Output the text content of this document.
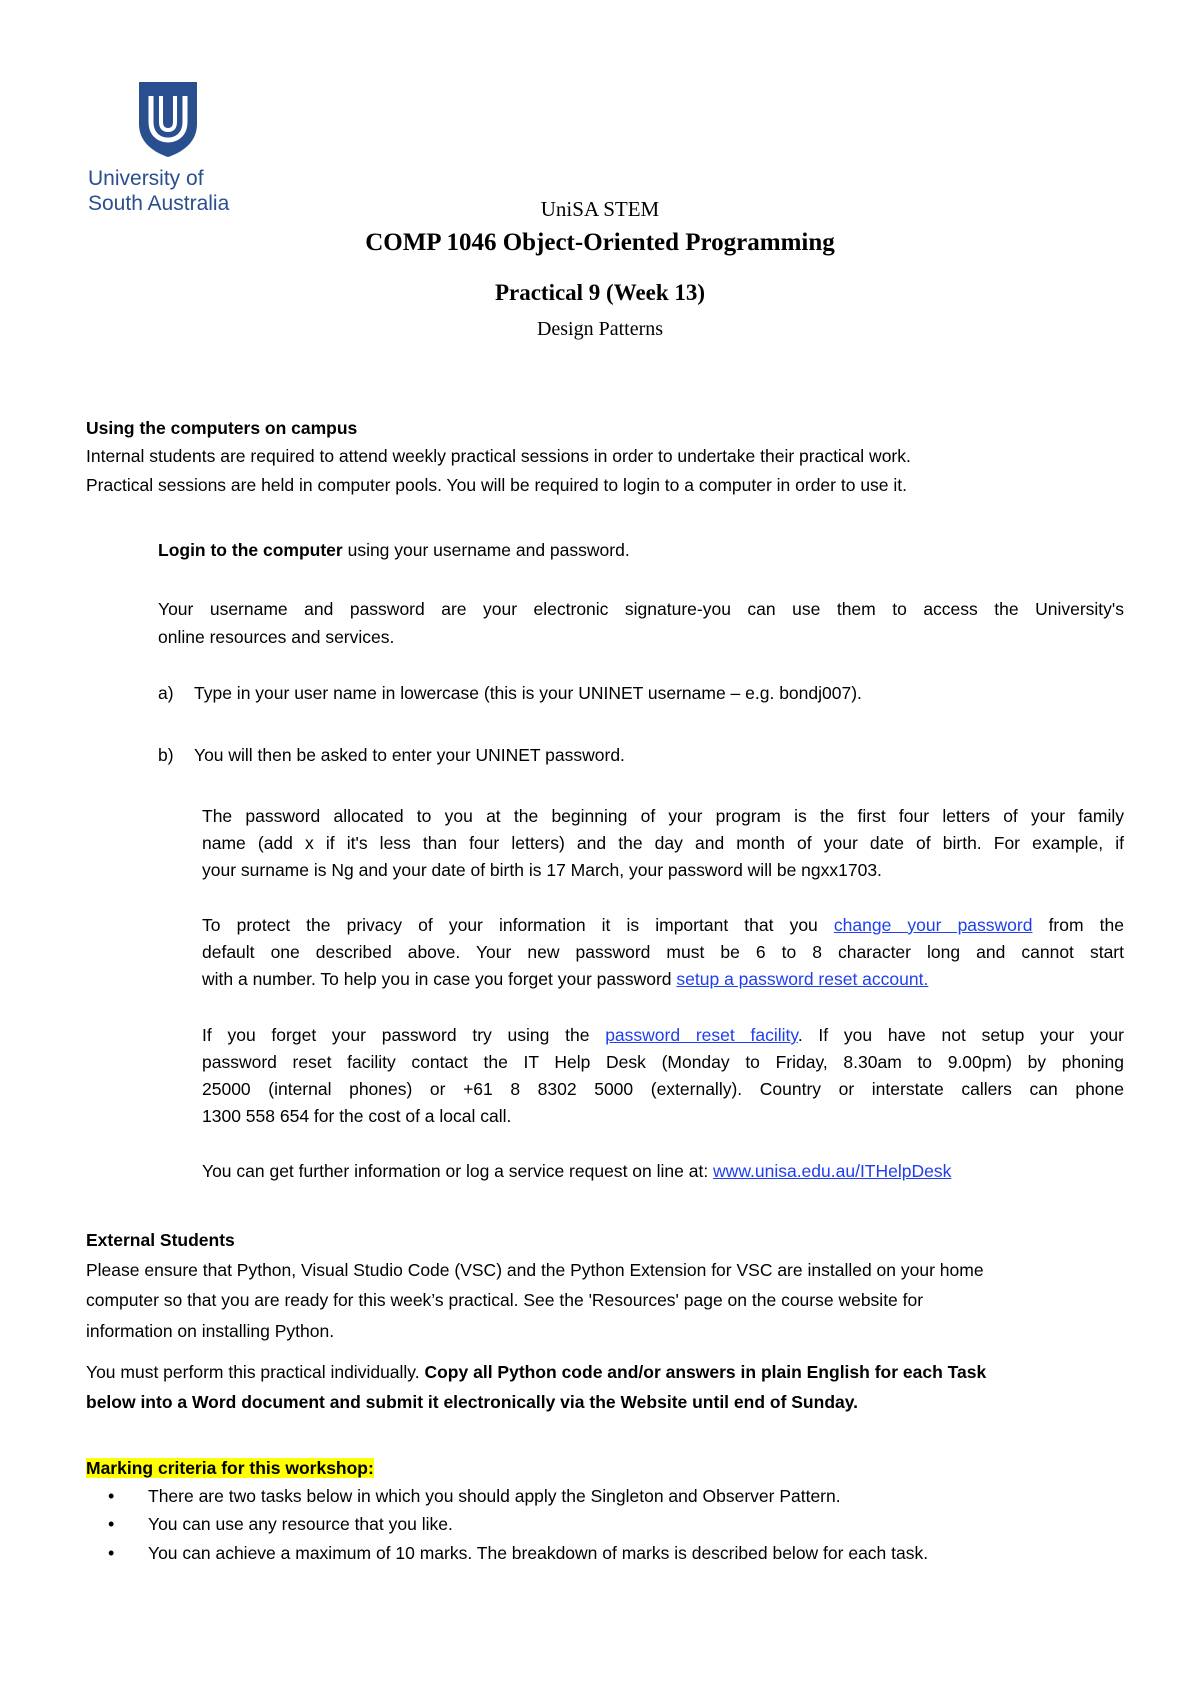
University of
South Australia	UniSA STEM
COMP 1046 Object-Oriented Programming
Practical 9 (Week 13)
Design Patterns
Using the computers on campus
Internal students are required to attend weekly practical sessions in order to undertake their practical work.
Practical sessions are held in computer pools. You will be required to login to a computer in order to use it.
Login to the computer using your username and password.
Your username and password are your electronic signature-you can use them to access the University's
online resources and services.
a) Type in your user name in lowercase (this is your UNINET username – e.g. bondj007).
b) You will then be asked to enter your UNINET password.
The password allocated to you at the beginning of your program is the first four letters of your family
name (add x if it's less than four letters) and the day and month of your date of birth. For example, if
your surname is Ng and your date of birth is 17 March, your password will be ngxx1703.
To protect the privacy of your information it is important that you change your password from the
default one described above. Your new password must be 6 to 8 character long and cannot start
with a number. To help you in case you forget your password setup a password reset account.
If you forget your password try using the password reset facility. If you have not setup your your
password reset facility contact the IT Help Desk (Monday to Friday, 8.30am to 9.00pm) by phoning
25000 (internal phones) or +61 8 8302 5000 (externally). Country or interstate callers can phone
1300 558 654 for the cost of a local call.
You can get further information or log a service request on line at: www.unisa.edu.au/ITHelpDesk
External Students
Please ensure that Python, Visual Studio Code (VSC) and the Python Extension for VSC are installed on your home
computer so that you are ready for this week’s practical. See the 'Resources' page on the course website for
information on installing Python.
You must perform this practical individually. Copy all Python code and/or answers in plain English for each Task
below into a Word document and submit it electronically via the Website until end of Sunday.
Marking criteria for this workshop:
• There are two tasks below in which you should apply the Singleton and Observer Pattern.
• You can use any resource that you like.
• You can achieve a maximum of 10 marks. The breakdown of marks is described below for each task.
